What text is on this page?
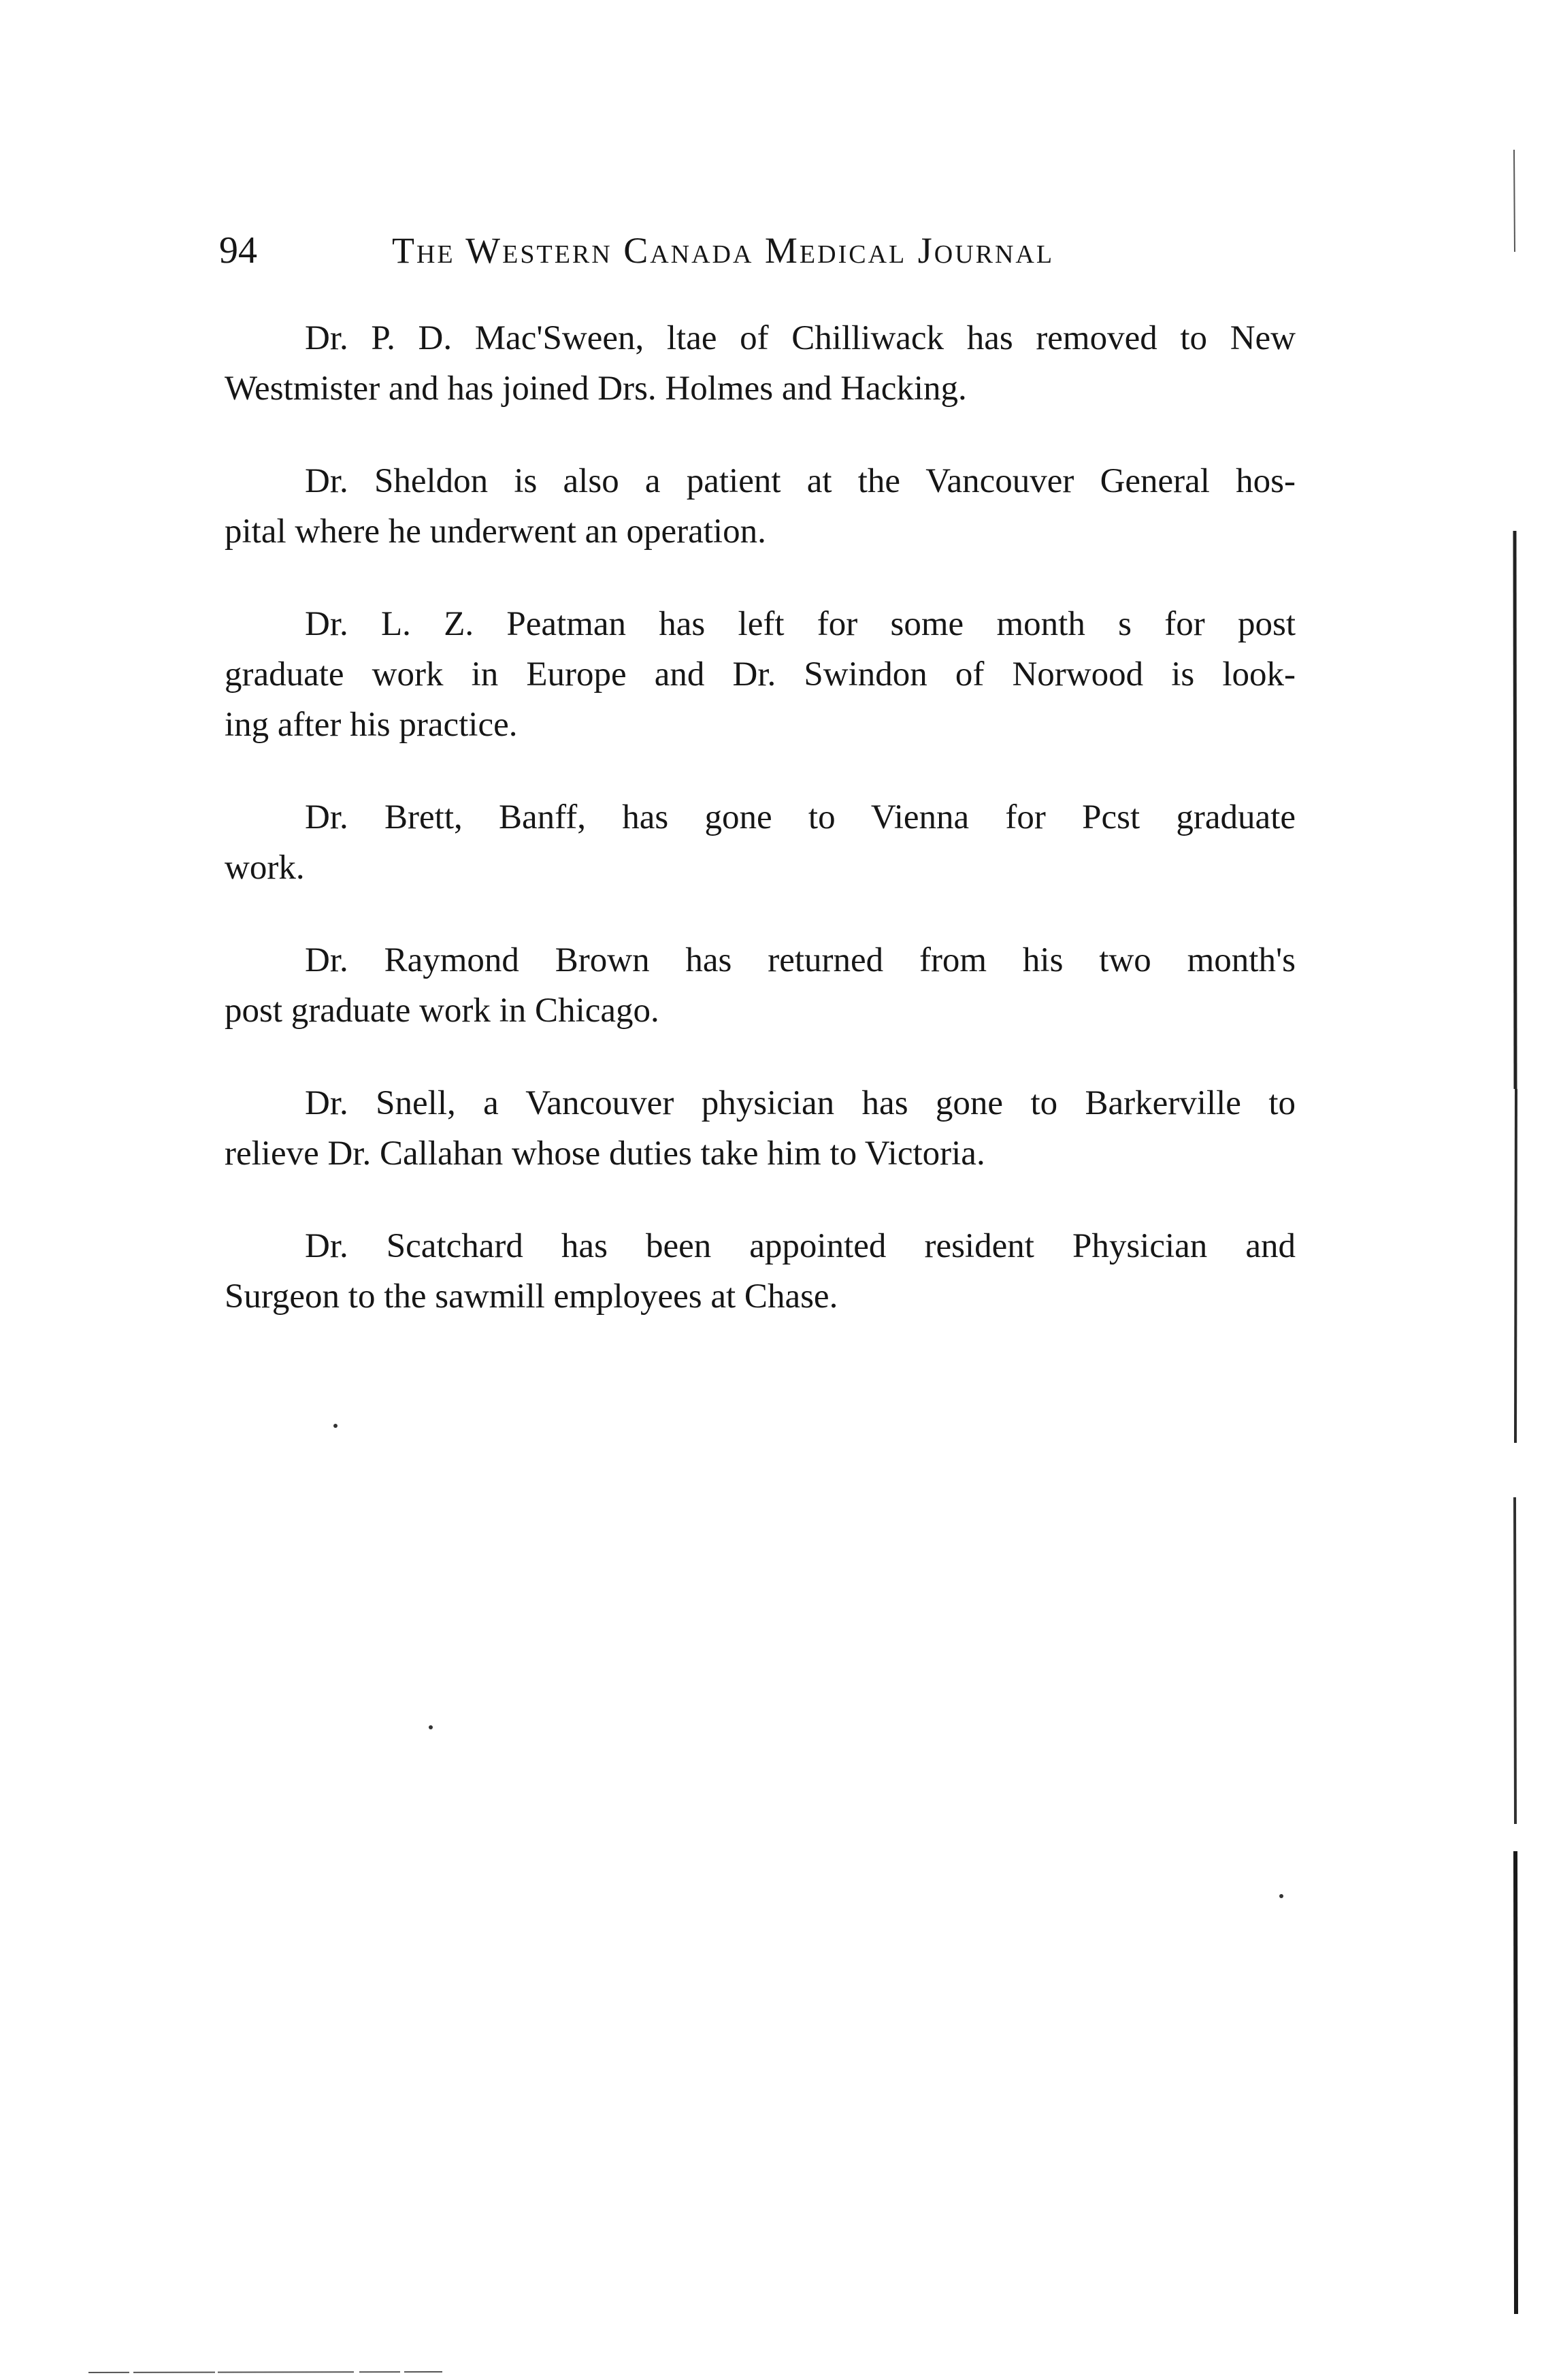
94	The Western Canada Medical Journal

Dr. P. D. Mac'Sween, ltae of Chilliwack has removed to New
Westmister and has joined Drs. Holmes and Hacking.

Dr. Sheldon is also a patient at the Vancouver General hos-
pital where he underwent an operation.

Dr. L. Z. Peatman has left for some month s for post
graduate work in Europe and Dr. Swindon of Norwood is look-
ing after his practice.

Dr. Brett, Banff, has gone to Vienna for Pcst graduate
work.

Dr. Raymond Brown has returned from his two month's
post graduate work in Chicago.

Dr. Snell, a Vancouver physician has gone to Barkerville to
relieve Dr. Callahan whose duties take him to Victoria.

Dr. Scatchard has been appointed resident Physician and
Surgeon to the sawmill employees at Chase.
